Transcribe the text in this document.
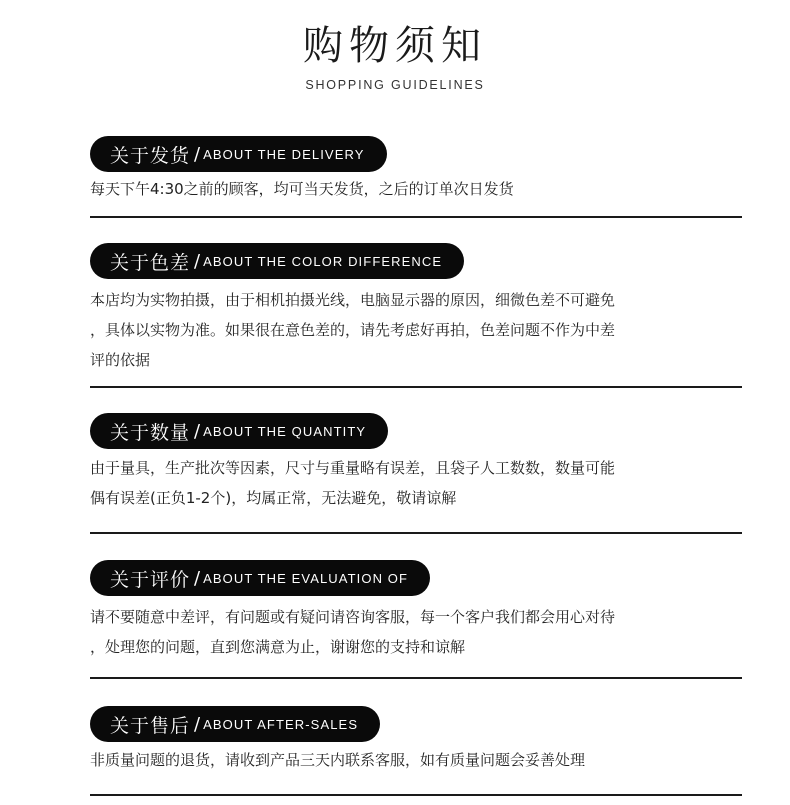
购物须知
SHOPPING GUIDELINES
关于发货 / ABOUT THE DELIVERY
每天下午4:30之前的顾客，均可当天发货，之后的订单次日发货
关于色差 / ABOUT THE COLOR DIFFERENCE
本店均为实物拍摄，由于相机拍摄光线，电脑显示器的原因，细微色差不可避免
，具体以实物为准。如果很在意色差的，请先考虑好再拍，色差问题不作为中差
评的依据
关于数量 / ABOUT THE QUANTITY
由于量具，生产批次等因素，尺寸与重量略有误差，且袋子人工数数，数量可能
偶有误差(正负1-2个)，均属正常，无法避免，敬请谅解
关于评价 / ABOUT THE EVALUATION OF
请不要随意中差评，有问题或有疑问请咨询客服，每一个客户我们都会用心对待
，处理您的问题，直到您满意为止，谢谢您的支持和谅解
关于售后 / ABOUT AFTER-SALES
非质量问题的退货，请收到产品三天内联系客服，如有质量问题会妥善处理
